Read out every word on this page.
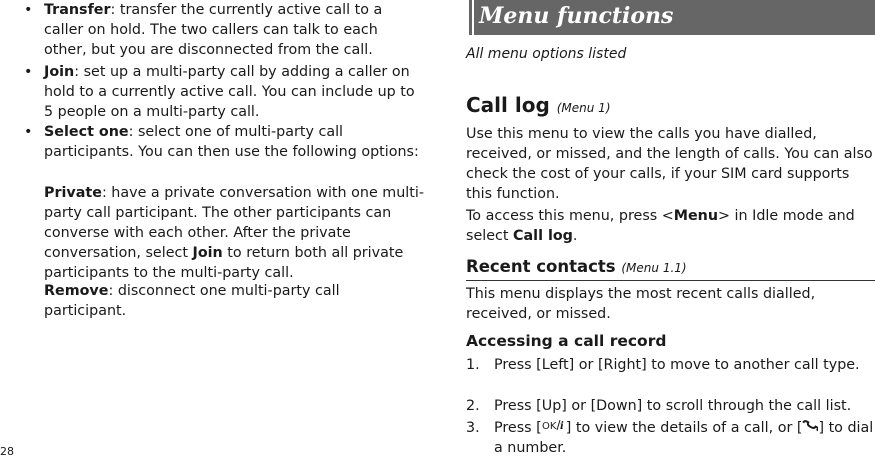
• Transfer: transfer the currently active call to a caller on hold. The two callers can talk to each other, but you are disconnected from the call.

• Join: set up a multi-party call by adding a caller on hold to a currently active call. You can include up to 5 people on a multi-party call.

• Select one: select one of multi-party call participants. You can then use the following options:

Private: have a private conversation with one multi-party call participant. The other participants can converse with each other. After the private conversation, select Join to return both all private participants to the multi-party call.

Remove: disconnect one multi-party call participant.

28
Menu functions

All menu options listed

Call log (Menu 1)

Use this menu to view the calls you have dialled, received, or missed, and the length of calls. You can also check the cost of your calls, if your SIM card supports this function.

To access this menu, press <Menu> in Idle mode and select Call log.

Recent contacts (Menu 1.1)

This menu displays the most recent calls dialled, received, or missed.

Accessing a call record

1. Press [Left] or [Right] to move to another call type.

2. Press [Up] or [Down] to scroll through the call list.

3. Press [ OK i ] to view the details of a call, or [ ] to dial a number.
